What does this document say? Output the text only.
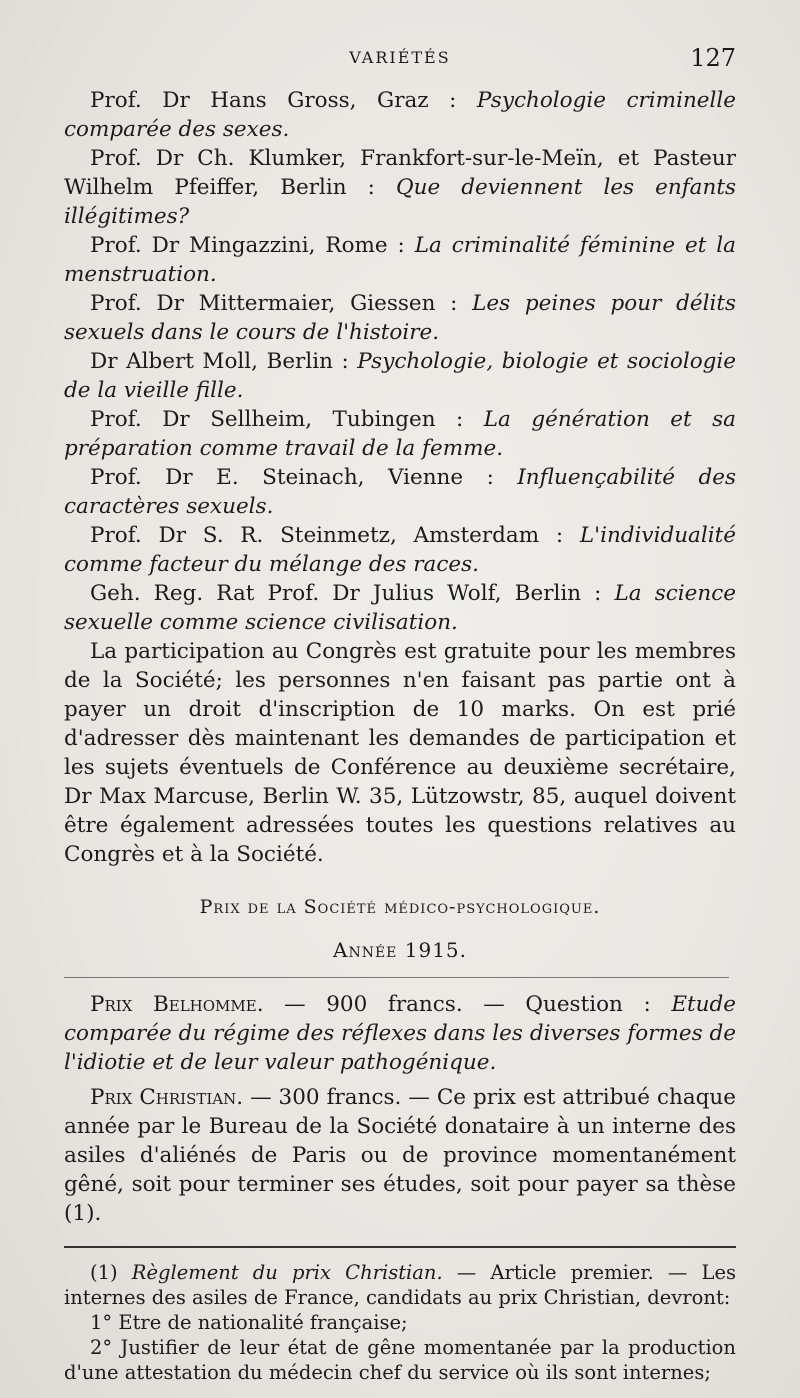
VARIÉTÉS	127

Prof. Dr Hans Gross, Graz : Psychologie criminelle comparée des sexes.

Prof. Dr Ch. Klumker, Frankfort-sur-le-Meïn, et Pasteur Wilhelm Pfeiffer, Berlin : Que deviennent les enfants illégitimes?

Prof. Dr Mingazzini, Rome : La criminalité féminine et la menstruation.

Prof. Dr Mittermaier, Giessen : Les peines pour délits sexuels dans le cours de l'histoire.

Dr Albert Moll, Berlin : Psychologie, biologie et sociologie de la vieille fille.

Prof. Dr Sellheim, Tubingen : La génération et sa préparation comme travail de la femme.

Prof. Dr E. Steinach, Vienne : Influençabilité des caractères sexuels.

Prof. Dr S. R. Steinmetz, Amsterdam : L'individualité comme facteur du mélange des races.

Geh. Reg. Rat Prof. Dr Julius Wolf, Berlin : La science sexuelle comme science civilisation.

La participation au Congrès est gratuite pour les membres de la Société; les personnes n'en faisant pas partie ont à payer un droit d'inscription de 10 marks. On est prié d'adresser dès maintenant les demandes de participation et les sujets éventuels de Conférence au deuxième secrétaire, Dr Max Marcuse, Berlin W. 35, Lützowstr, 85, auquel doivent être également adressées toutes les questions relatives au Congrès et à la Société.

Prix de la Société médico-psychologique.

Année 1915.

Prix Belhomme. — 900 francs. — Question : Etude comparée du régime des réflexes dans les diverses formes de l'idiotie et de leur valeur pathogénique.

Prix Christian. — 300 francs. — Ce prix est attribué chaque année par le Bureau de la Société donataire à un interne des asiles d'aliénés de Paris ou de province momentanément gêné, soit pour terminer ses études, soit pour payer sa thèse (1).

(1) Règlement du prix Christian. — Article premier. — Les internes des asiles de France, candidats au prix Christian, devront:

1° Etre de nationalité française;

2° Justifier de leur état de gêne momentanée par la production d'une attestation du médecin chef du service où ils sont internes;
